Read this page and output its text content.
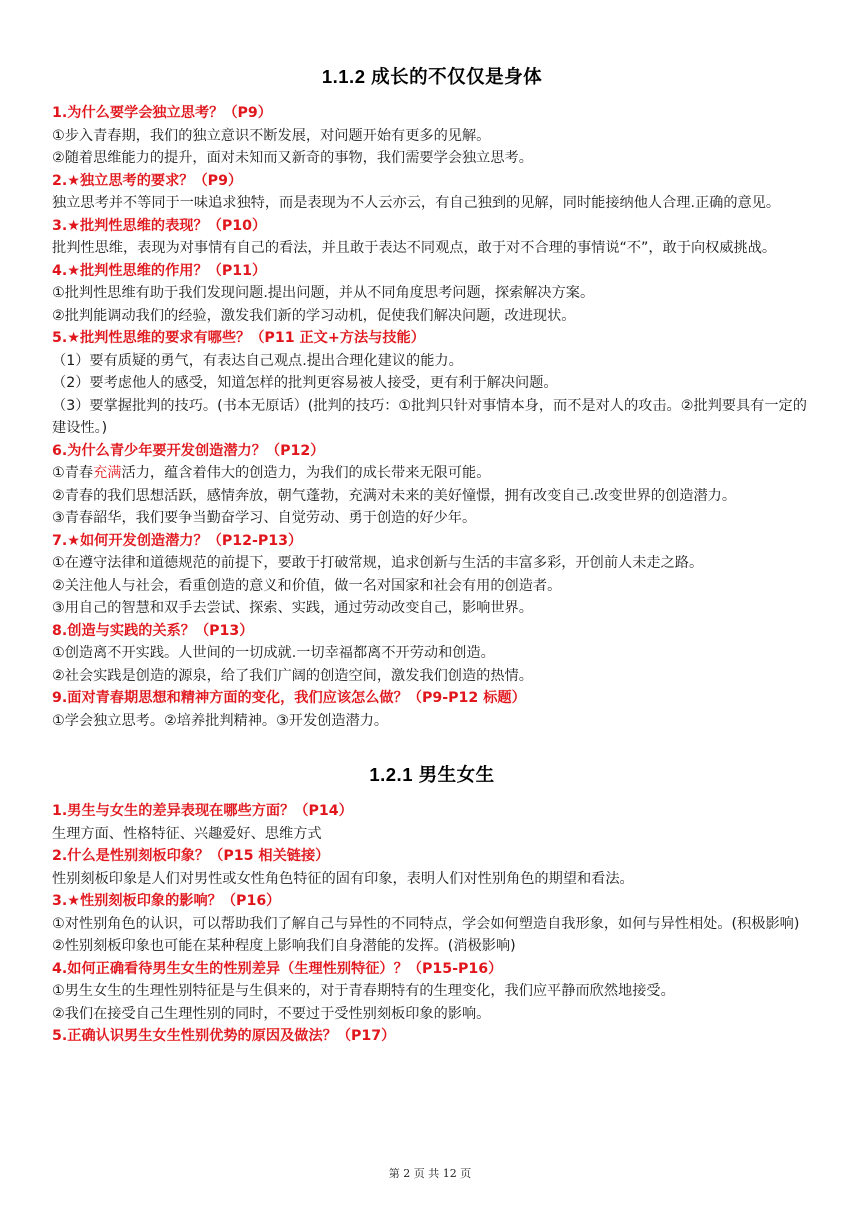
1.1.2 成长的不仅仅是身体
1.为什么要学会独立思考？（P9）
①步入青春期，我们的独立意识不断发展，对问题开始有更多的见解。
②随着思维能力的提升，面对未知而又新奇的事物，我们需要学会独立思考。
2.★独立思考的要求？（P9）
独立思考并不等同于一味追求独特，而是表现为不人云亦云，有自己独到的见解，同时能接纳他人合理.正确的意见。
3.★批判性思维的表现？（P10）
批判性思维，表现为对事情有自己的看法，并且敢于表达不同观点，敢于对不合理的事情说“不”，敢于向权威挑战。
4.★批判性思维的作用？（P11）
①批判性思维有助于我们发现问题.提出问题，并从不同角度思考问题，探索解决方案。
②批判能调动我们的经验，激发我们新的学习动机，促使我们解决问题，改进现状。
5.★批判性思维的要求有哪些？（P11 正文+方法与技能）
（1）要有质疑的勇气，有表达自己观点.提出合理化建议的能力。
（2）要考虑他人的感受，知道怎样的批判更容易被人接受，更有利于解决问题。
（3）要掌握批判的技巧。(书本无原话）(批判的技巧：①批判只针对事情本身，而不是对人的攻击。②批判要具有一定的建设性。)
6.为什么青少年要开发创造潜力？（P12）
①青春充满活力，蕴含着伟大的创造力，为我们的成长带来无限可能。
②青春的我们思想活跃，感情奔放，朝气蓬勃，充满对未来的美好憧憬，拥有改变自己.改变世界的创造潜力。
③青春韶华，我们要争当勤奋学习、自觉劳动、勇于创造的好少年。
7.★如何开发创造潜力？（P12-P13）
①在遵守法律和道德规范的前提下，要敢于打破常规，追求创新与生活的丰富多彩，开创前人未走之路。
②关注他人与社会，看重创造的意义和价值，做一名对国家和社会有用的创造者。
③用自己的智慧和双手去尝试、探索、实践，通过劳动改变自己，影响世界。
8.创造与实践的关系？（P13）
①创造离不开实践。人世间的一切成就.一切幸福都离不开劳动和创造。
②社会实践是创造的源泉，给了我们广阔的创造空间，激发我们创造的热情。
9.面对青春期思想和精神方面的变化，我们应该怎么做？（P9-P12 标题）
①学会独立思考。②培养批判精神。③开发创造潜力。
1.2.1 男生女生
1.男生与女生的差异表现在哪些方面？（P14）
生理方面、性格特征、兴趣爱好、思维方式
2.什么是性别刻板印象？（P15 相关链接）
性别刻板印象是人们对男性或女性角色特征的固有印象，表明人们对性别角色的期望和看法。
3.★性别刻板印象的影响？（P16）
①对性别角色的认识，可以帮助我们了解自己与异性的不同特点，学会如何塑造自我形象，如何与异性相处。(积极影响)
②性别刻板印象也可能在某种程度上影响我们自身潜能的发挥。(消极影响)
4.如何正确看待男生女生的性别差异（生理性别特征）？（P15-P16）
①男生女生的生理性别特征是与生俱来的，对于青春期特有的生理变化，我们应平静而欣然地接受。
②我们在接受自己生理性别的同时，不要过于受性别刻板印象的影响。
5.正确认识男生女生性别优势的原因及做法？（P17）
第 2 页 共 12 页
